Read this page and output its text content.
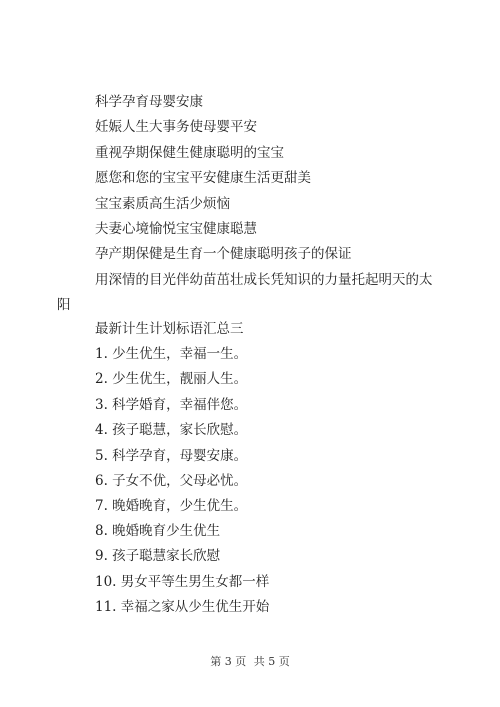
科学孕育母婴安康
妊娠人生大事务使母婴平安
重视孕期保健生健康聪明的宝宝
愿您和您的宝宝平安健康生活更甜美
宝宝素质高生活少烦恼
夫妻心境愉悦宝宝健康聪慧
孕产期保健是生育一个健康聪明孩子的保证
用深情的目光伴幼苗茁壮成长凭知识的力量托起明天的太
阳
最新计生计划标语汇总三
1. 少生优生，幸福一生。
2. 少生优生，靓丽人生。
3. 科学婚育，幸福伴您。
4. 孩子聪慧，家长欣慰。
5. 科学孕育，母婴安康。
6. 子女不优，父母必忧。
7. 晚婚晚育，少生优生。
8. 晚婚晚育少生优生
9. 孩子聪慧家长欣慰
10. 男女平等生男生女都一样
11. 幸福之家从少生优生开始
第 3 页 共 5 页
